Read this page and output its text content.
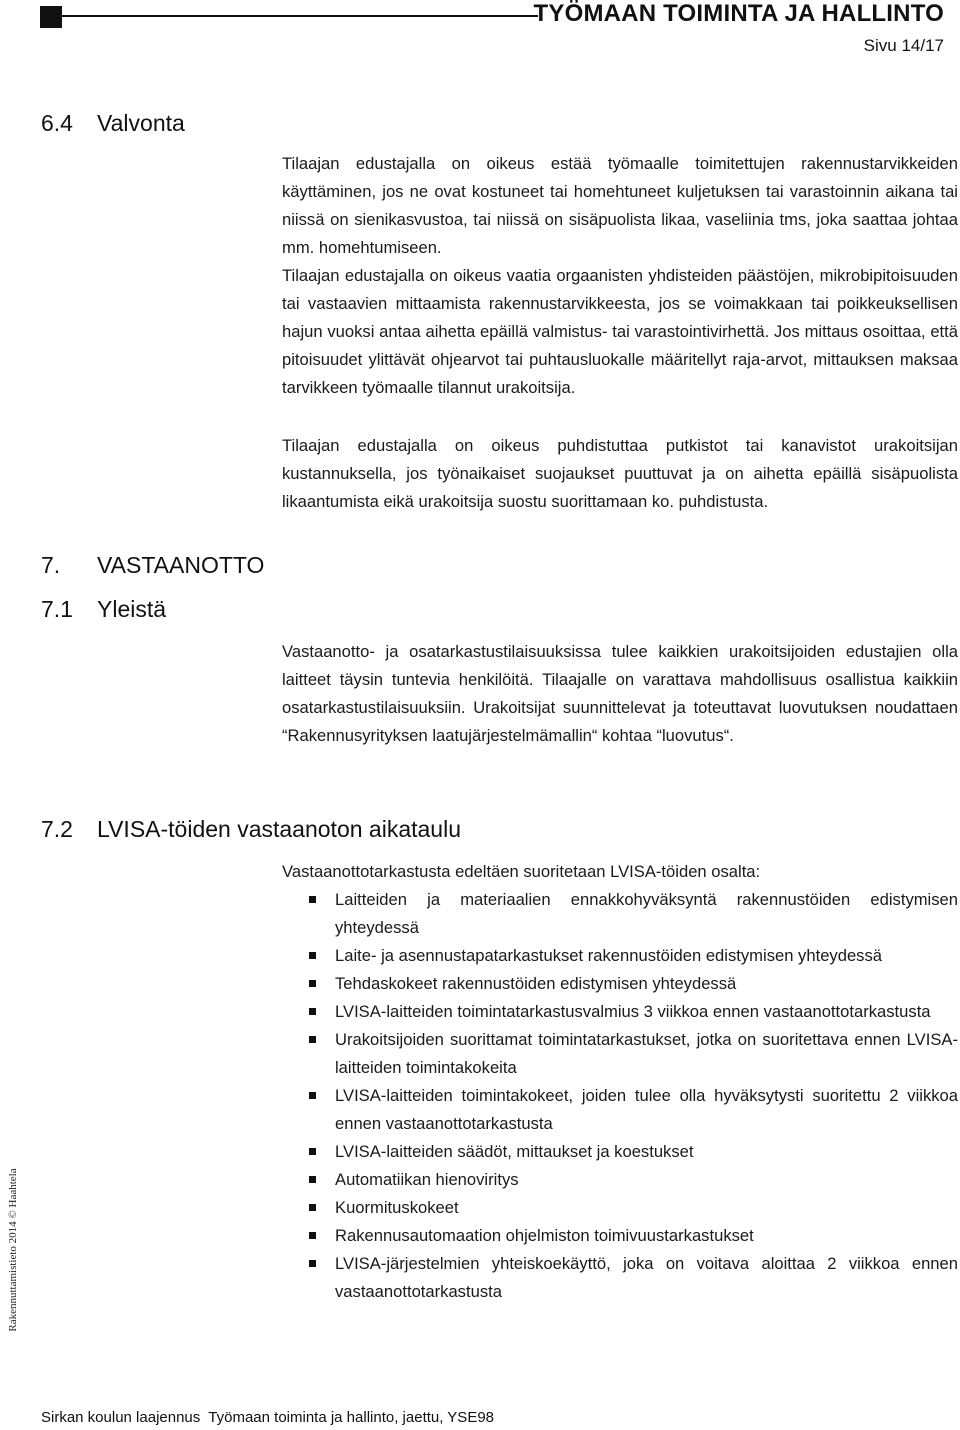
TYÖMAAN TOIMINTA JA HALLINTO
Sivu 14/17
6.4 Valvonta
Tilaajan edustajalla on oikeus estää työmaalle toimitettujen rakennustarvikkeiden käyttäminen, jos ne ovat kostuneet tai homehtuneet kuljetuksen tai varastoinnin aikana tai niissä on sienikasvustoa, tai niissä on sisäpuolista likaa, vaseliinia tms, joka saattaa johtaa mm. homehtumiseen.
Tilaajan edustajalla on oikeus vaatia orgaanisten yhdisteiden päästöjen, mikrobipitoisuuden tai vastaavien mittaamista rakennustarvikkeesta, jos se voimakkaan tai poikkeuksellisen hajun vuoksi antaa aihetta epäillä valmistus- tai varastointivirhettä. Jos mittaus osoittaa, että pitoisuudet ylittävät ohjearvot tai puhtausluokalle määritellyt raja-arvot, mittauksen maksaa tarvikkeen työmaalle tilannut urakoitsija.
Tilaajan edustajalla on oikeus puhdistuttaa putkistot tai kanavistot urakoitsijan kustannuksella, jos työnaikaiset suojaukset puuttuvat ja on aihetta epäillä sisäpuolista likaantumista eikä urakoitsija suostu suorittamaan ko. puhdistusta.
7. VASTAANOTTO
7.1 Yleistä
Vastaanotto- ja osatarkastustilaisuuksissa tulee kaikkien urakoitsijoiden edustajien olla laitteet täysin tuntevia henkilöitä. Tilaajalle on varattava mahdollisuus osallistua kaikkiin osatarkastustilaisuuksiin. Urakoitsijat suunnittelevat ja toteuttavat luovutuksen noudattaen “Rakennusyrityksen laatujärjestelmämallin“ kohtaa “luovutus“.
7.2 LVISA-töiden vastaanoton aikataulu
Vastaanottotarkastusta edeltäen suoritetaan LVISA-töiden osalta:
Laitteiden ja materiaalien ennakkohyväksyntä rakennustöiden edistymisen yhteydessä
Laite- ja asennustapatarkastukset rakennustöiden edistymisen yhteydessä
Tehdaskokeet rakennustöiden edistymisen yhteydessä
LVISA-laitteiden toimintatarkastusvalmius 3 viikkoa ennen vastaanottotarkastusta
Urakoitsijoiden suorittamat toimintatarkastukset, jotka on suoritettava ennen LVISA-laitteiden toimintakokeita
LVISA-laitteiden toimintakokeet, joiden tulee olla hyväksytysti suoritettu 2 viikkoa ennen vastaanottotarkastusta
LVISA-laitteiden säädöt, mittaukset ja koestukset
Automatiikan hienoviritys
Kuormituskokeet
Rakennusautomaation ohjelmiston toimivuustarkastukset
LVISA-järjestelmien yhteiskoekäyttö, joka on voitava aloittaa 2 viikkoa ennen vastaanottotarkastusta
Rakennuttamistieto 2014 © Haahtela
Sirkan koulun laajennus Työmaan toiminta ja hallinto, jaettu, YSE98
